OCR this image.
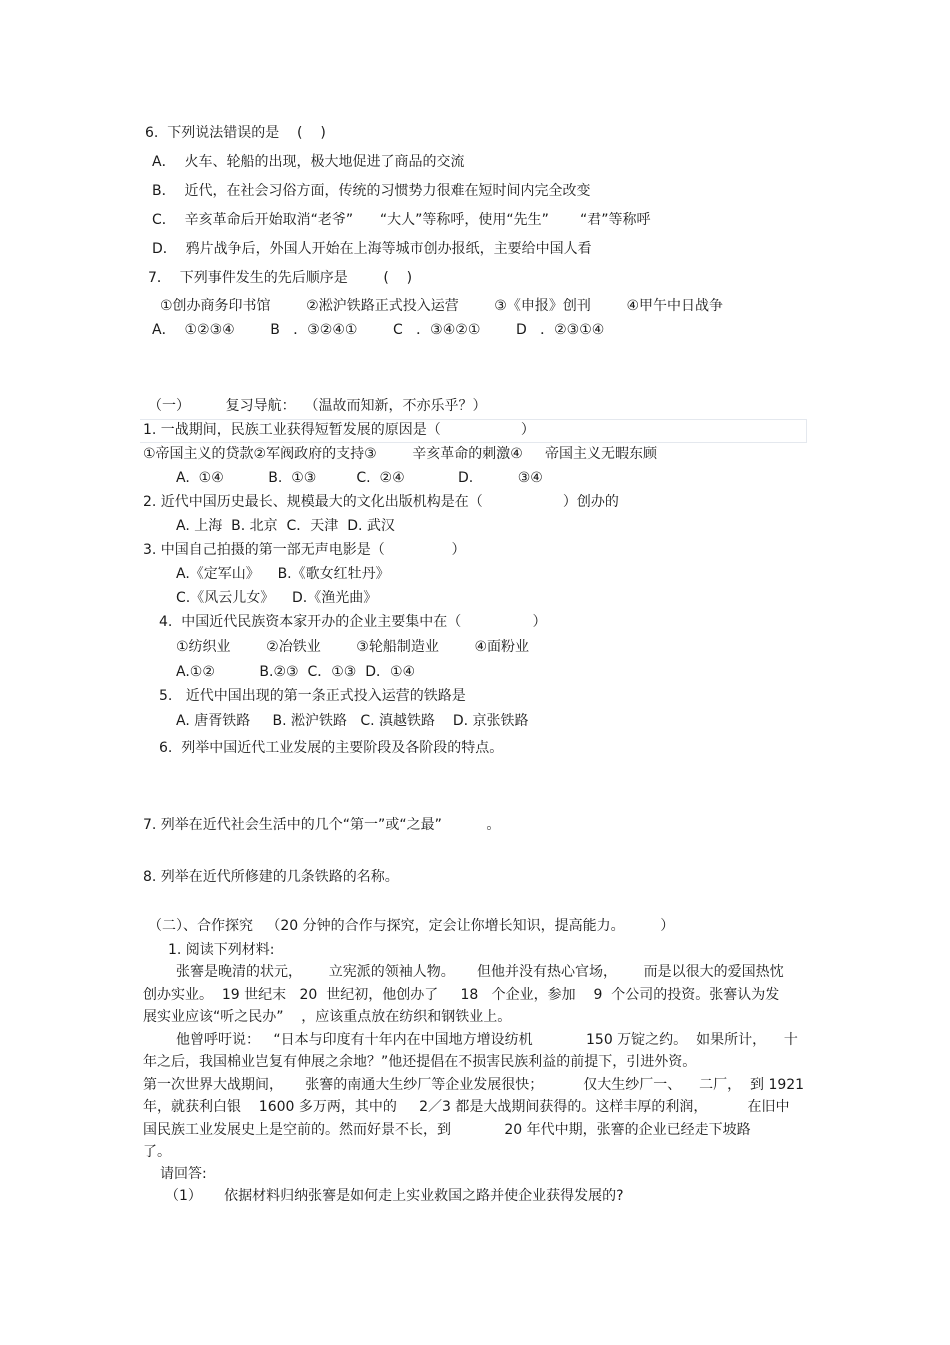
6.  下列说法错误的是    (    )
A．  火车、轮船的出现，极大地促进了商品的交流
B．  近代，在社会习俗方面，传统的习惯势力很难在短时间内完全改变
C．  辛亥革命后开始取消“老爷”      “大人”等称呼，使用“先生”       “君”等称呼
D．  鸦片战争后，外国人开始在上海等城市创办报纸，主要给中国人看
7．  下列事件发生的先后顺序是        (    )
①创办商务印书馆        ②淞沪铁路正式投入运营        ③《申报》创刊        ④甲午中日战争
A．  ①②③④        B   ．③②④①        C   ．③④②①        D   ．②③①④
（一）        复习导航：  （温故而知新，不亦乐乎？）
1. 一战期间，民族工业获得短暂发展的原因是（                  ）
①帝国主义的贷款②军阀政府的支持③        辛亥革命的刺激④     帝国主义无暇东顾
A.  ①④          B.  ①③         C.  ②④            D.          ③④
2. 近代中国历史最长、规模最大的文化出版机构是在（                  ）创办的
A. 上海  B. 北京  C．天津  D. 武汉
3. 中国自己拍摄的第一部无声电影是（               ）
A.《定军山》    B.《歌女红牡丹》
C.《风云儿女》    D.《渔光曲》
4.  中国近代民族资本家开办的企业主要集中在（                ）
①纺织业        ②冶铁业        ③轮船制造业        ④面粉业
A.①②          B.②③  C．①③  D．①④
5.   近代中国出现的第一条正式投入运营的铁路是
A. 唐胥铁路     B. 淞沪铁路   C. 滇越铁路    D. 京张铁路
6.  列举中国近代工业发展的主要阶段及各阶段的特点。
7. 列举在近代社会生活中的几个“第一”或“之最”          。
8. 列举在近代所修建的几条铁路的名称。
（二）、合作探究   （20 分钟的合作与探究，定会让你增长知识，提高能力。        ）
1. 阅读下列材料:
张謇是晚清的状元，      立宪派的领袖人物。     但他并没有热心官场，      而是以很大的爱国热忱
创办实业。  19 世纪末   20  世纪初，他创办了     18   个企业，参加    9  个公司的投资。张謇认为发
展实业应该“听之民办”    ，应该重点放在纺织和钢铁业上。
他曾呼吁说：   “日本与印度有十年内在中国地方增设纺机            150 万锭之约。  如果所计，    十
年之后，我国棉业岂复有伸展之余地？”他还提倡在不损害民族利益的前提下，引进外资。
第一次世界大战期间，     张謇的南通大生纱厂等企业发展很快；         仅大生纱厂一、    二厂，  到 1921
年，就获利白银    1600 多万两，其中的     2／3 都是大战期间获得的。这样丰厚的利润，         在旧中
国民族工业发展史上是空前的。然而好景不长，到            20 年代中期，张謇的企业已经走下坡路
了。
请回答:
（1）     依据材料归纳张謇是如何走上实业救国之路并使企业获得发展的?
